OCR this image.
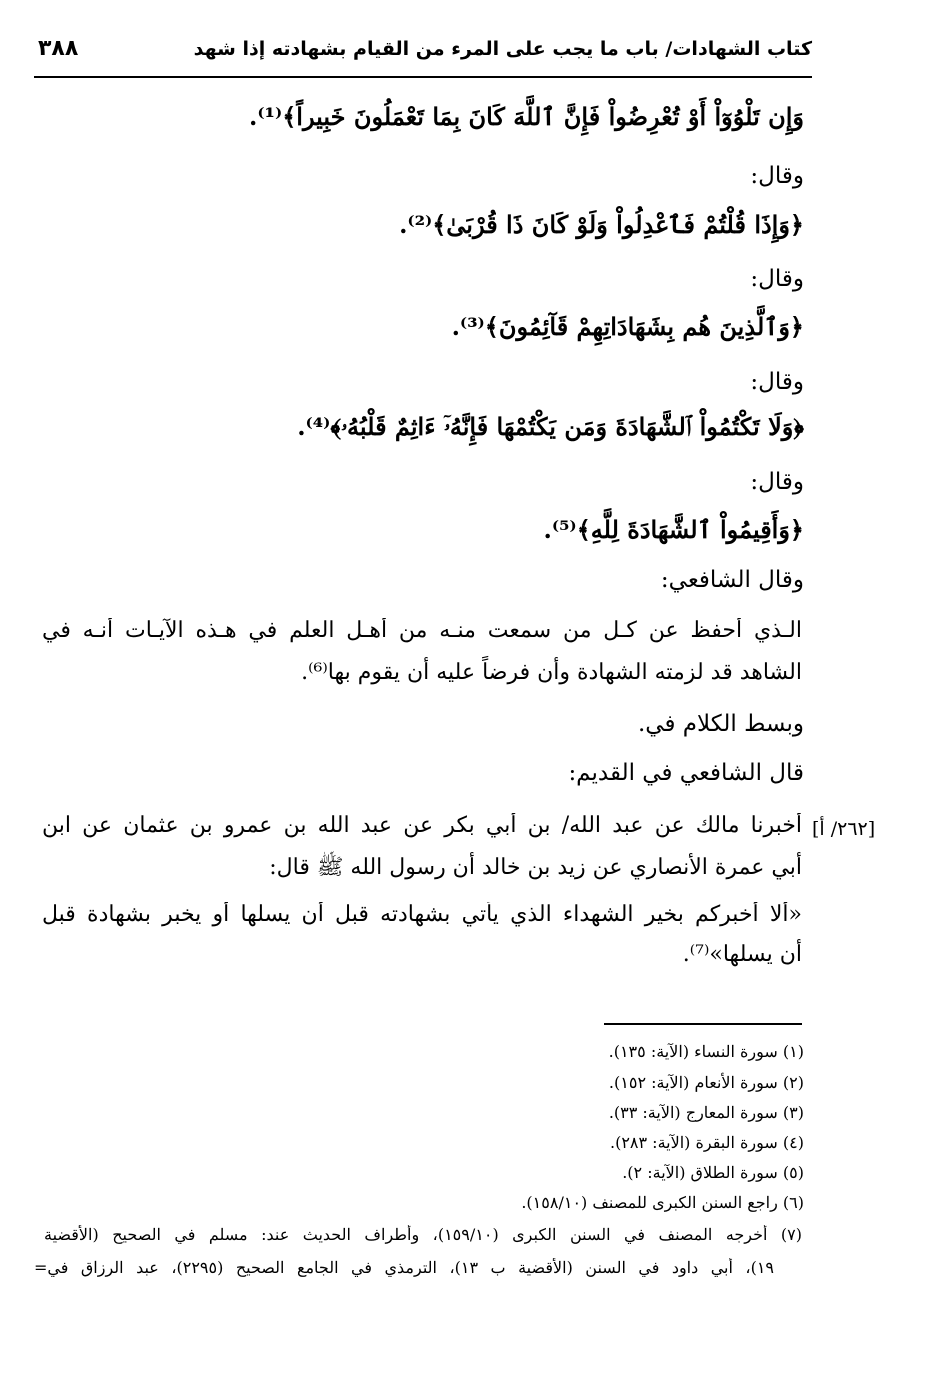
كتاب الشهادات/ باب ما يجب على المرء من القيام بشهادته إذا شهد
٣٨٨
وَإِن تَلْوُوٓاْ أَوْ تُعْرِضُواْ فَإِنَّ ٱللَّهَ كَانَ بِمَا تَعْمَلُونَ خَبِيراً﴾⁽¹⁾.
وقال:
﴿وَإِذَا قُلْتُمْ فَٱعْدِلُواْ وَلَوْ كَانَ ذَا قُرْبَىٰ﴾⁽²⁾.
وقال:
﴿وَٱلَّذِينَ هُم بِشَهَادَاتِهِمْ قَآئِمُونَ﴾⁽³⁾.
وقال:
﴿وَلَا تَكْتُمُواْ ٱلشَّهَادَةَ وَمَن يَكْتُمْهَا فَإِنَّهُۥٓ ءَاثِمٌ قَلْبُهُۥ﴾⁽⁴⁾.
وقال:
﴿وَأَقِيمُواْ ٱلشَّهَادَةَ لِلَّهِ﴾⁽⁵⁾.
وقال الشافعي:
الـذي أحفظ عن كـل من سمعت منـه من أهـل العلم في هـذه الآيـات أنـه في
الشاهد قد لزمته الشهادة وأن فرضاً عليه أن يقوم بها⁽⁶⁾.
وبسط الكلام في.
قال الشافعي في القديم:
[٢٦٢/ أ]
أخبرنا مالك عن عبد الله/ بن أبي بكر عن عبد الله بن عمرو بن عثمان عن ابن
أبي عمرة الأنصاري عن زيد بن خالد أن رسول الله ﷺ قال:
«ألا أخبركم بخير الشهداء الذي يأتي بشهادته قبل أن يسلها أو يخبر بشهادة قبل
أن يسلها»⁽⁷⁾.
(١) سورة النساء (الآية: ١٣٥).
(٢) سورة الأنعام (الآية: ١٥٢).
(٣) سورة المعارج (الآية: ٣٣).
(٤) سورة البقرة (الآية: ٢٨٣).
(٥) سورة الطلاق (الآية: ٢).
(٦) راجع السنن الكبرى للمصنف (١٥٨/١٠).
(٧) أخرجه المصنف في السنن الكبرى (١٥٩/١٠)، وأطراف الحديث عند: مسلم في الصحيح (الأقضية
١٩)، أبي داود في السنن (الأقضية ب ١٣)، الترمذي في الجامع الصحيح (٢٢٩٥)، عبد الرزاق في=
